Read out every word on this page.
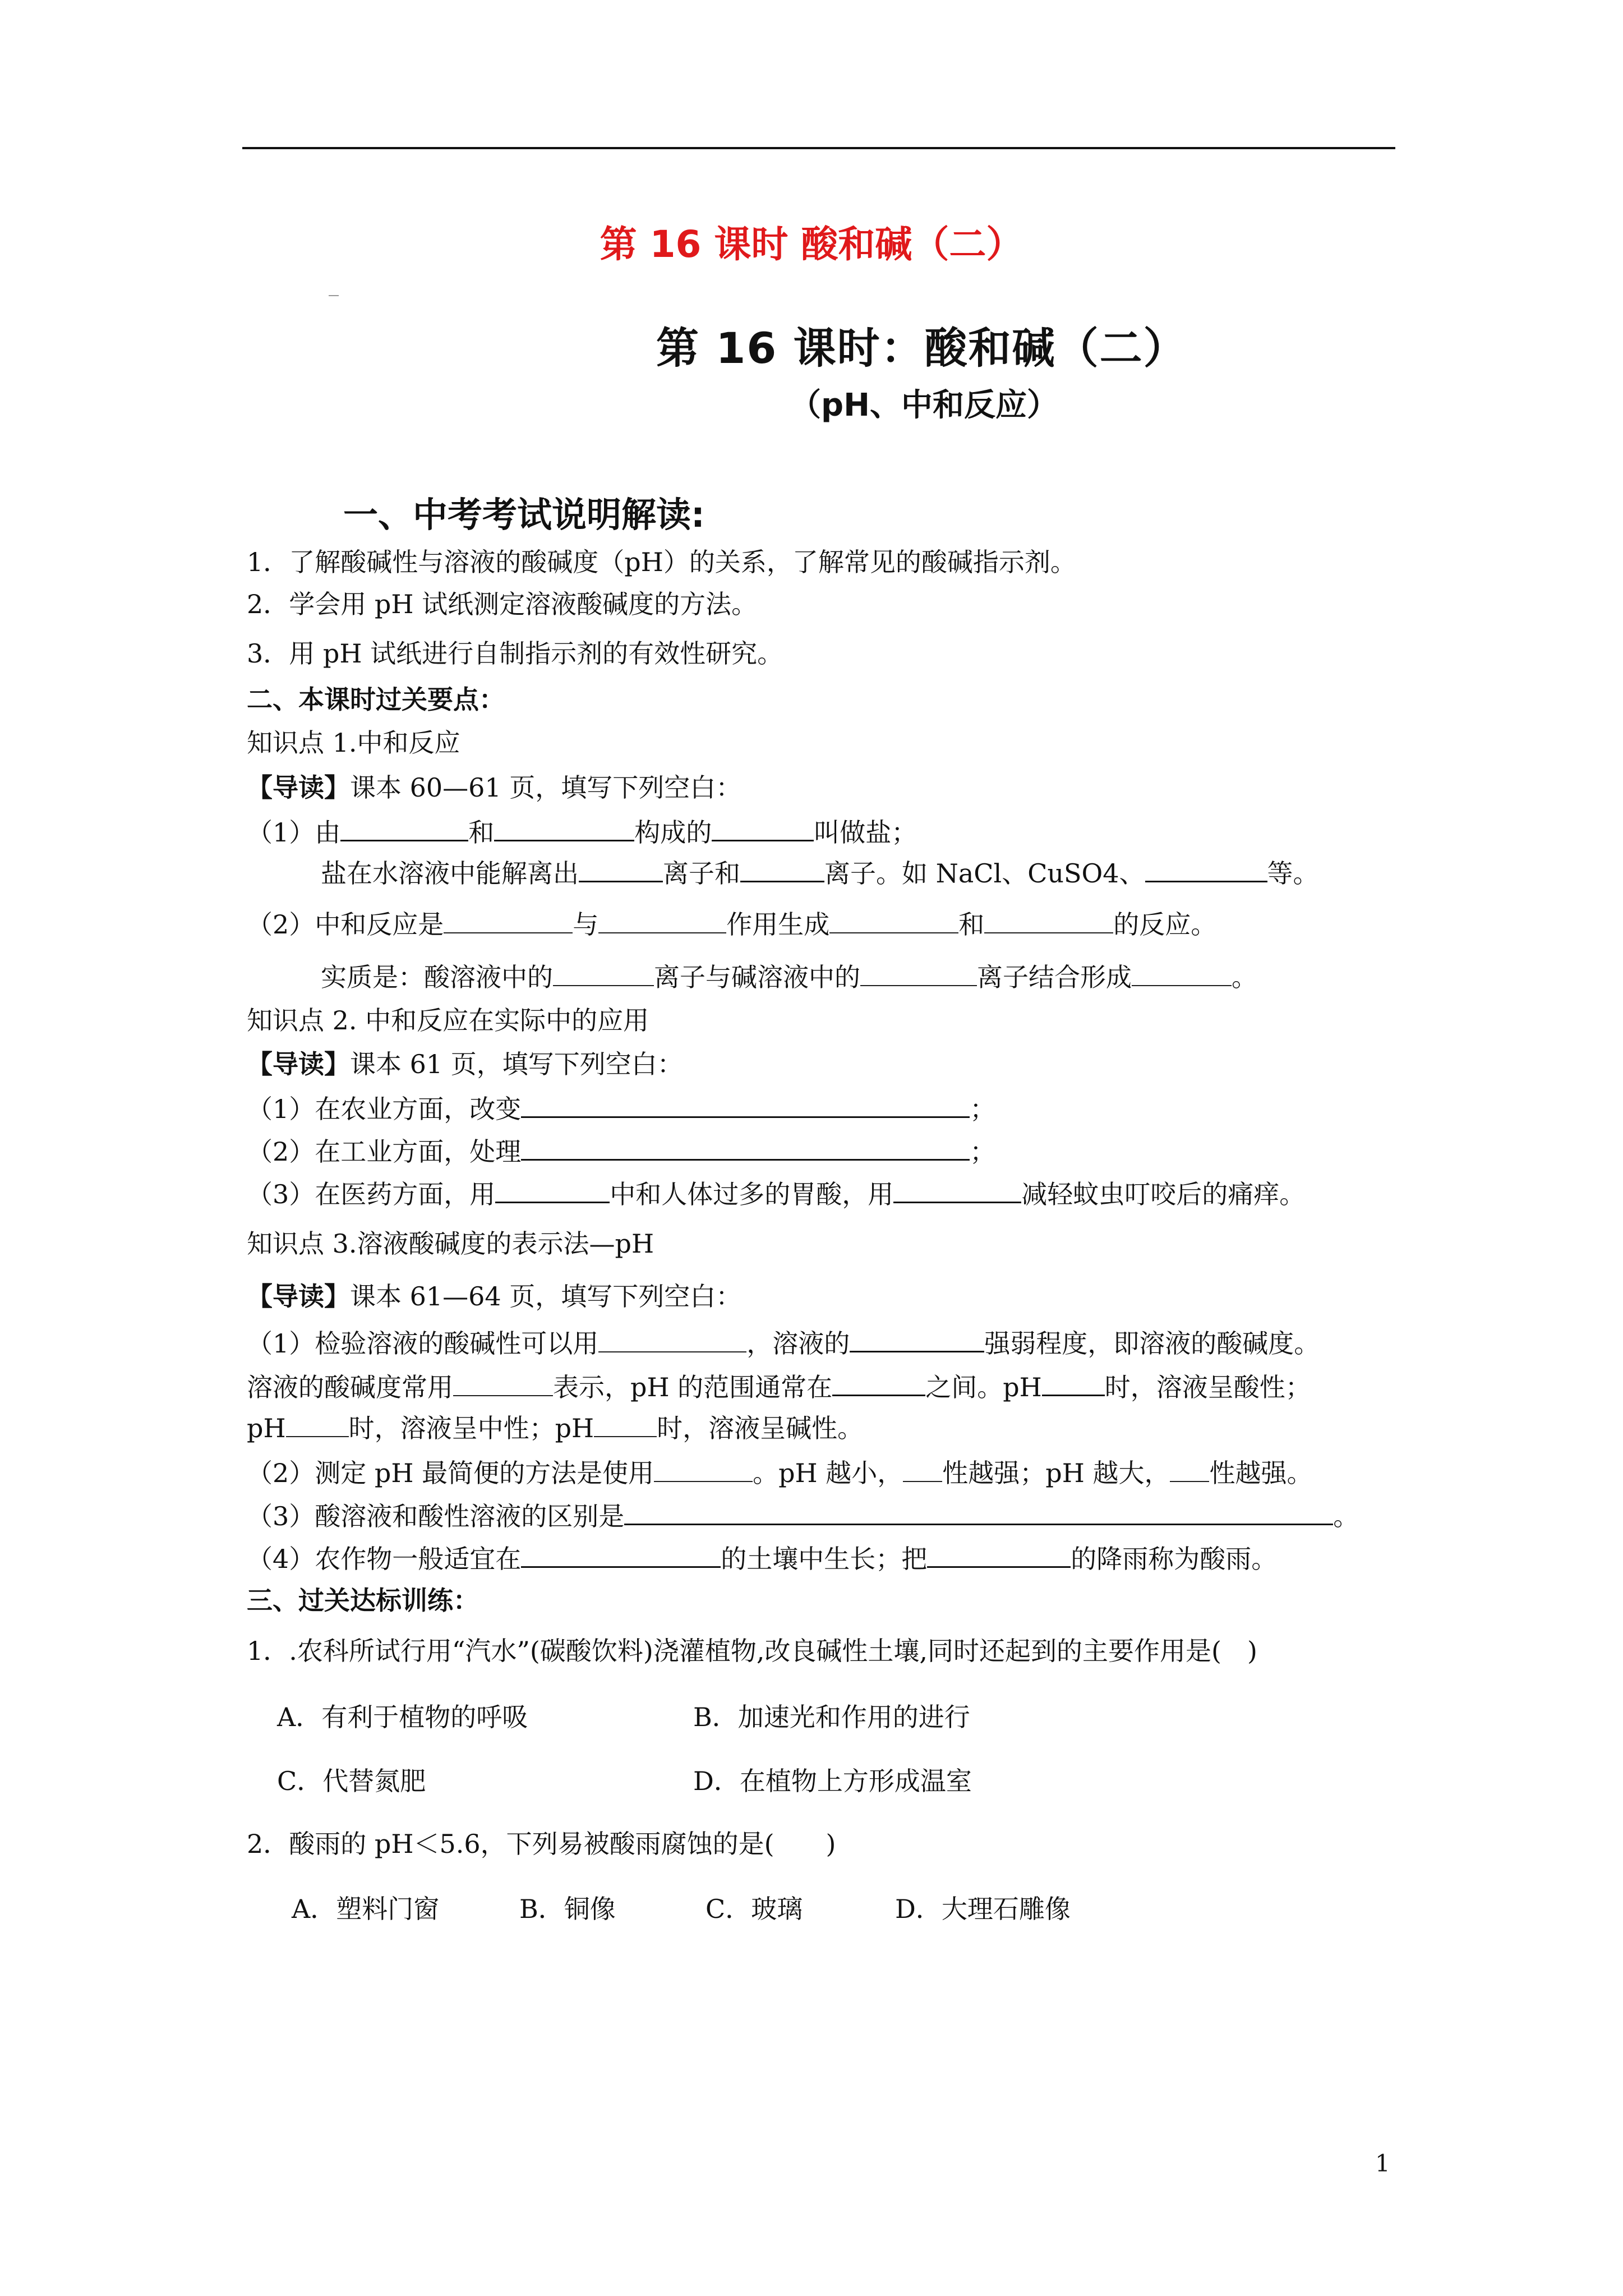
第 16 课时 酸和碱（二）
第 16 课时：酸和碱（二）
（pH、中和反应）
一、中考考试说明解读:
1．了解酸碱性与溶液的酸碱度（pH）的关系，了解常见的酸碱指示剂。
2．学会用 pH 试纸测定溶液酸碱度的方法。
3．用 pH 试纸进行自制指示剂的有效性研究。
二、本课时过关要点：
知识点 1.中和反应
【导读】课本 60—61 页，填写下列空白：
（1）由	和	构成的	叫做盐；
盐在水溶液中能解离出	离子和	离子。如 NaCl、CuSO4、	等。
（2）中和反应是	与	作用生成	和	的反应。
实质是：酸溶液中的	离子与碱溶液中的	离子结合形成	。
知识点 2. 中和反应在实际中的应用
【导读】课本 61 页，填写下列空白：
（1）在农业方面，改变	；
（2）在工业方面，处理	；
（3）在医药方面，用	中和人体过多的胃酸，用	减轻蚊虫叮咬后的痛痒。
知识点 3.溶液酸碱度的表示法—pH
【导读】课本 61—64 页，填写下列空白：
（1）检验溶液的酸碱性可以用	，溶液的	强弱程度，即溶液的酸碱度。
溶液的酸碱度常用	表示，pH 的范围通常在	之间。pH 时，溶液呈酸性；
pH 时，溶液呈中性；pH 时，溶液呈碱性。
（2）测定 pH 最简便的方法是使用	。pH 越小， 性越强；pH 越大， 性越强。
（3）酸溶液和酸性溶液的区别是	。
（4）农作物一般适宜在	的土壤中生长；把	的降雨称为酸雨。
三、过关达标训练：
1．.农科所试行用“汽水”(碳酸饮料)浇灌植物,改良碱性土壤,同时还起到的主要作用是(　)
A．有利于植物的呼吸	B．加速光和作用的进行
C．代替氮肥	D．在植物上方形成温室
2．酸雨的 pH＜5.6，下列易被酸雨腐蚀的是(　　)
A．塑料门窗	B．铜像	C．玻璃	D．大理石雕像
1
